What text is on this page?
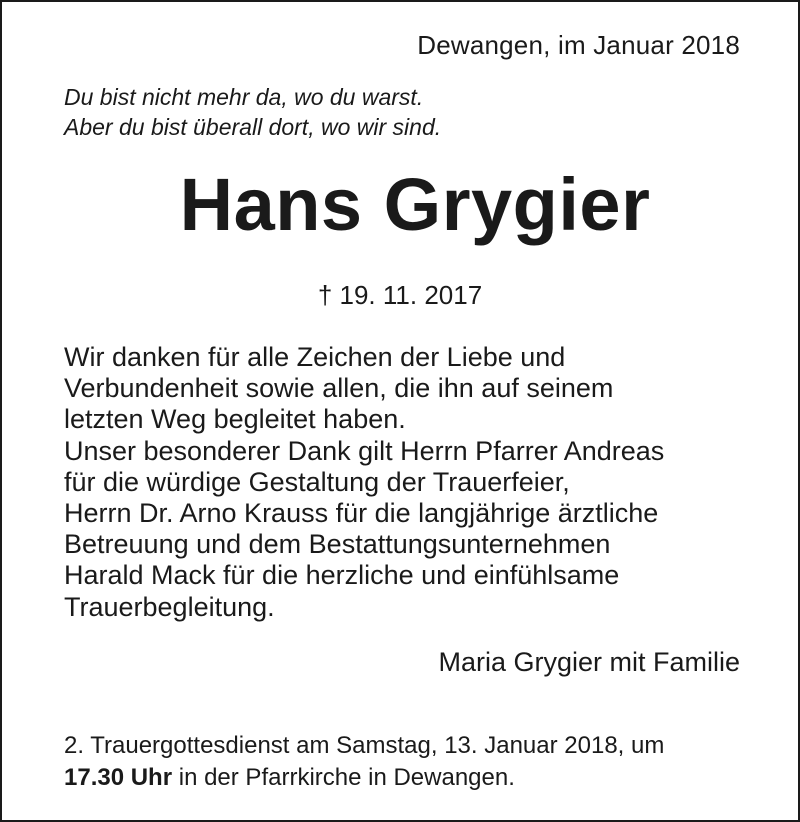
Dewangen, im Januar 2018
Du bist nicht mehr da, wo du warst.
Aber du bist überall dort, wo wir sind.
Hans Grygier
† 19. 11. 2017
Wir danken für alle Zeichen der Liebe und
Verbundenheit sowie allen, die ihn auf seinem
letzten Weg begleitet haben.
Unser besonderer Dank gilt Herrn Pfarrer Andreas
für die würdige Gestaltung der Trauerfeier,
Herrn Dr. Arno Krauss für die langjährige ärztliche
Betreuung und dem Bestattungsunternehmen
Harald Mack für die herzliche und einfühlsame
Trauerbegleitung.
Maria Grygier mit Familie
2. Trauergottesdienst am Samstag, 13. Januar 2018, um
17.30 Uhr in der Pfarrkirche in Dewangen.
